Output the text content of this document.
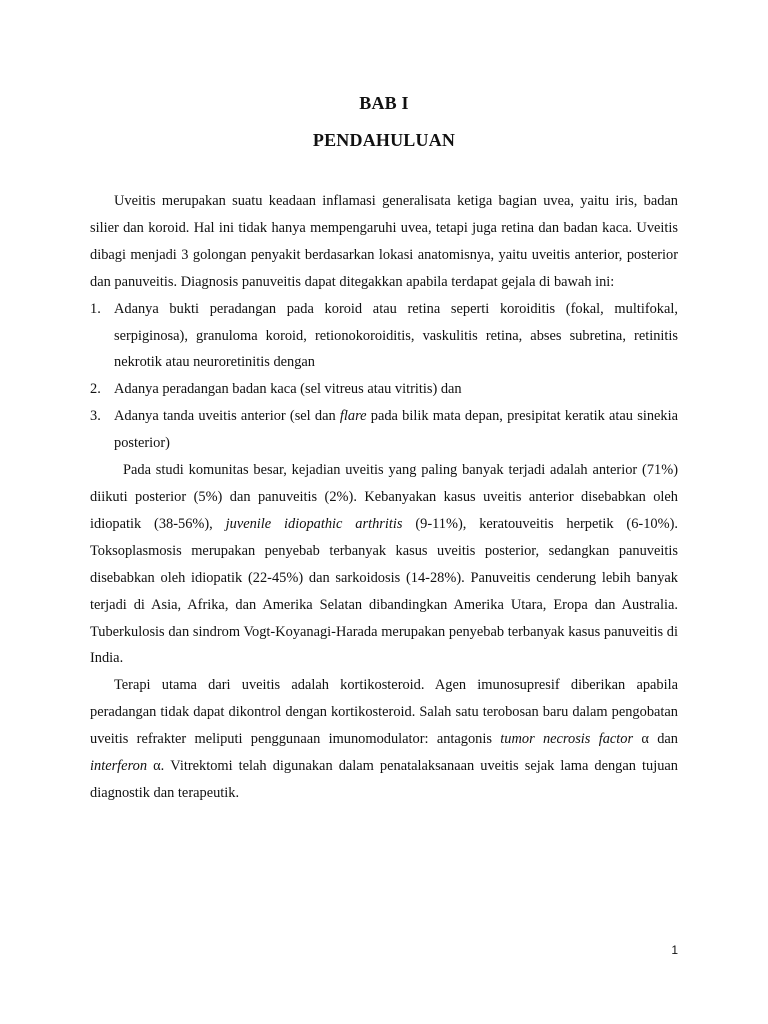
BAB I
PENDAHULUAN

Uveitis merupakan suatu keadaan inflamasi generalisata ketiga bagian uvea, yaitu iris, badan silier dan koroid. Hal ini tidak hanya mempengaruhi uvea, tetapi juga retina dan badan kaca. Uveitis dibagi menjadi 3 golongan penyakit berdasarkan lokasi anatomisnya, yaitu uveitis anterior, posterior dan panuveitis. Diagnosis panuveitis dapat ditegakkan apabila terdapat gejala di bawah ini:

1. Adanya bukti peradangan pada koroid atau retina seperti koroiditis (fokal, multifokal, serpiginosa), granuloma koroid, retionokoroiditis, vaskulitis retina, abses subretina, retinitis nekrotik atau neuroretinitis dengan
2. Adanya peradangan badan kaca (sel vitreus atau vitritis) dan
3. Adanya tanda uveitis anterior (sel dan flare pada bilik mata depan, presipitat keratik atau sinekia posterior)

Pada studi komunitas besar, kejadian uveitis yang paling banyak terjadi adalah anterior (71%) diikuti posterior (5%) dan panuveitis (2%). Kebanyakan kasus uveitis anterior disebabkan oleh idiopatik (38-56%), juvenile idiopathic arthritis (9-11%), keratouveitis herpetik (6-10%). Toksoplasmosis merupakan penyebab terbanyak kasus uveitis posterior, sedangkan panuveitis disebabkan oleh idiopatik (22-45%) dan sarkoidosis (14-28%). Panuveitis cenderung lebih banyak terjadi di Asia, Afrika, dan Amerika Selatan dibandingkan Amerika Utara, Eropa dan Australia. Tuberkulosis dan sindrom Vogt-Koyanagi-Harada merupakan penyebab terbanyak kasus panuveitis di India.

Terapi utama dari uveitis adalah kortikosteroid. Agen imunosupresif diberikan apabila peradangan tidak dapat dikontrol dengan kortikosteroid. Salah satu terobosan baru dalam pengobatan uveitis refrakter meliputi penggunaan imunomodulator: antagonis tumor necrosis factor α dan interferon α. Vitrektomi telah digunakan dalam penatalaksanaan uveitis sejak lama dengan tujuan diagnostik dan terapeutik.

1
